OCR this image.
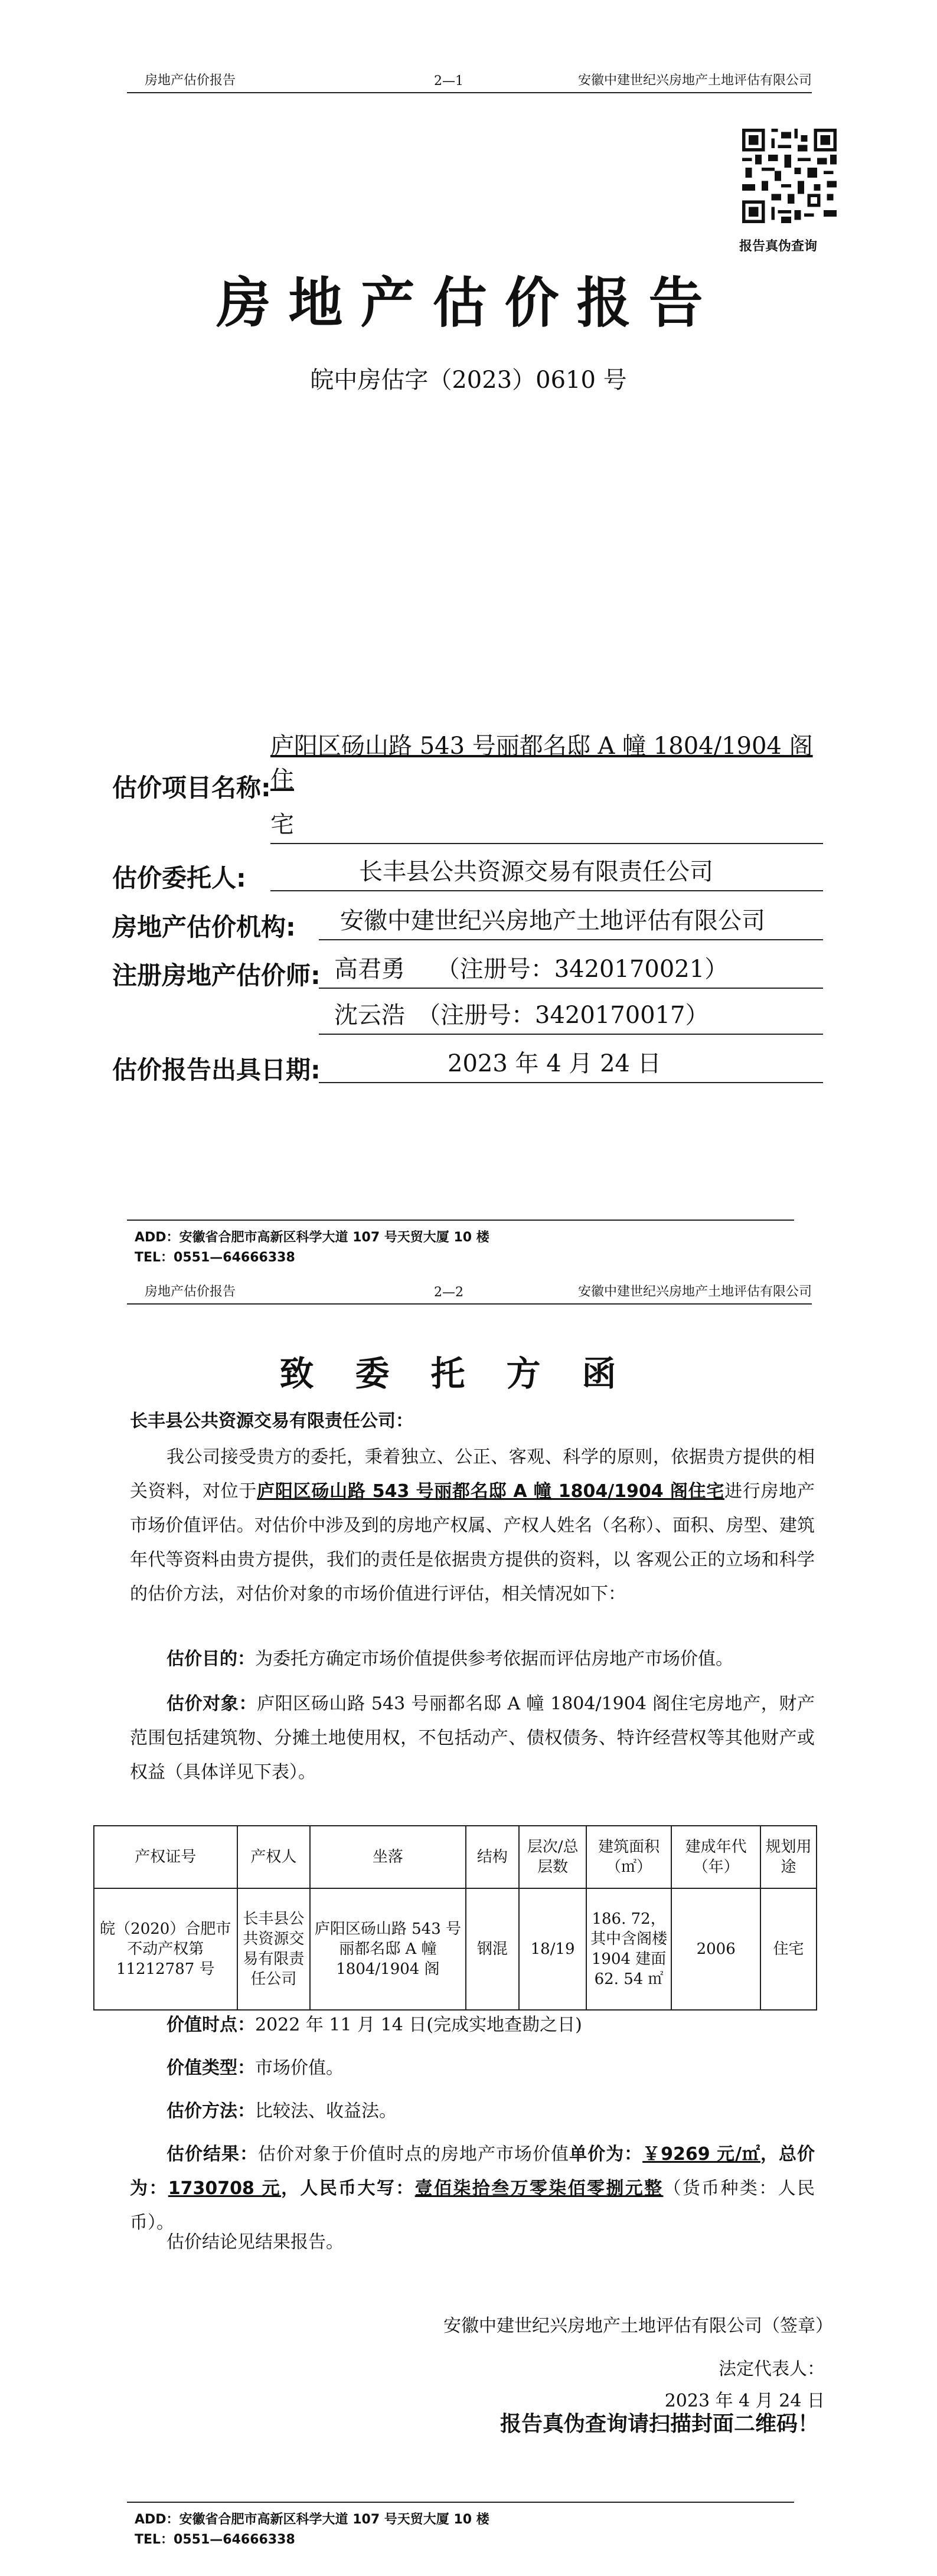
房地产估价报告	2—1	安徽中建世纪兴房地产土地评估有限公司
报告真伪查询
房地产估价报告
皖中房估字（2023）0610 号
估价项目名称:
庐阳区砀山路 543 号丽都名邸 A 幢 1804/1904 阁住
宅
估价委托人:	长丰县公共资源交易有限责任公司
房地产估价机构: 安徽中建世纪兴房地产土地评估有限公司
注册房地产估价师: 高君勇　 （注册号：3420170021）
沈云浩　（注册号：3420170017）
估价报告出具日期:	2023 年 4 月 24 日
ADD：安徽省合肥市高新区科学大道 107 号天贸大厦 10 楼
TEL：0551—64666338
房地产估价报告	2—2	安徽中建世纪兴房地产土地评估有限公司
致委托方函
长丰县公共资源交易有限责任公司：
我公司接受贵方的委托，秉着独立、公正、客观、科学的原则，依据贵方提供的相关资料，对位于庐阳区砀山路 543 号丽都名邸 A 幢 1804/1904 阁住宅进行房地产市场价值评估。对估价中涉及到的房地产权属、产权人姓名（名称）、面积、房型、建筑年代等资料由贵方提供，我们的责任是依据贵方提供的资料，以 客观公正的立场和科学的估价方法，对估价对象的市场价值进行评估，相关情况如下：
估价目的：为委托方确定市场价值提供参考依据而评估房地产市场价值。
估价对象：庐阳区砀山路 543 号丽都名邸 A 幢 1804/1904 阁住宅房地产，财产范围包括建筑物、分摊土地使用权，不包括动产、债权债务、特许经营权等其他财产或权益（具体详见下表）。
产权证号	产权人	坐落	结构	层次/总层数	建筑面积（㎡）	建成年代（年）	规划用途
皖（2020）合肥市不动产权第 11212787 号	长丰县公共资源交易有限责任公司	庐阳区砀山路 543 号丽都名邸 A 幢 1804/1904 阁	钢混	18/19	186. 72，其中含阁楼 1904 建面 62. 54 ㎡	2006	住宅
价值时点：2022 年 11 月 14 日(完成实地查勘之日)
价值类型：市场价值。
估价方法：比较法、收益法。
估价结果：估价对象于价值时点的房地产市场价值单价为：￥9269 元/㎡，总价为：1730708 元，人民币大写：壹佰柒拾叁万零柒佰零捌元整（货币种类：人民币）。
估价结论见结果报告。
安徽中建世纪兴房地产土地评估有限公司（签章）
法定代表人：
2023 年 4 月 24 日
报告真伪查询请扫描封面二维码！
ADD：安徽省合肥市高新区科学大道 107 号天贸大厦 10 楼
TEL：0551—64666338
